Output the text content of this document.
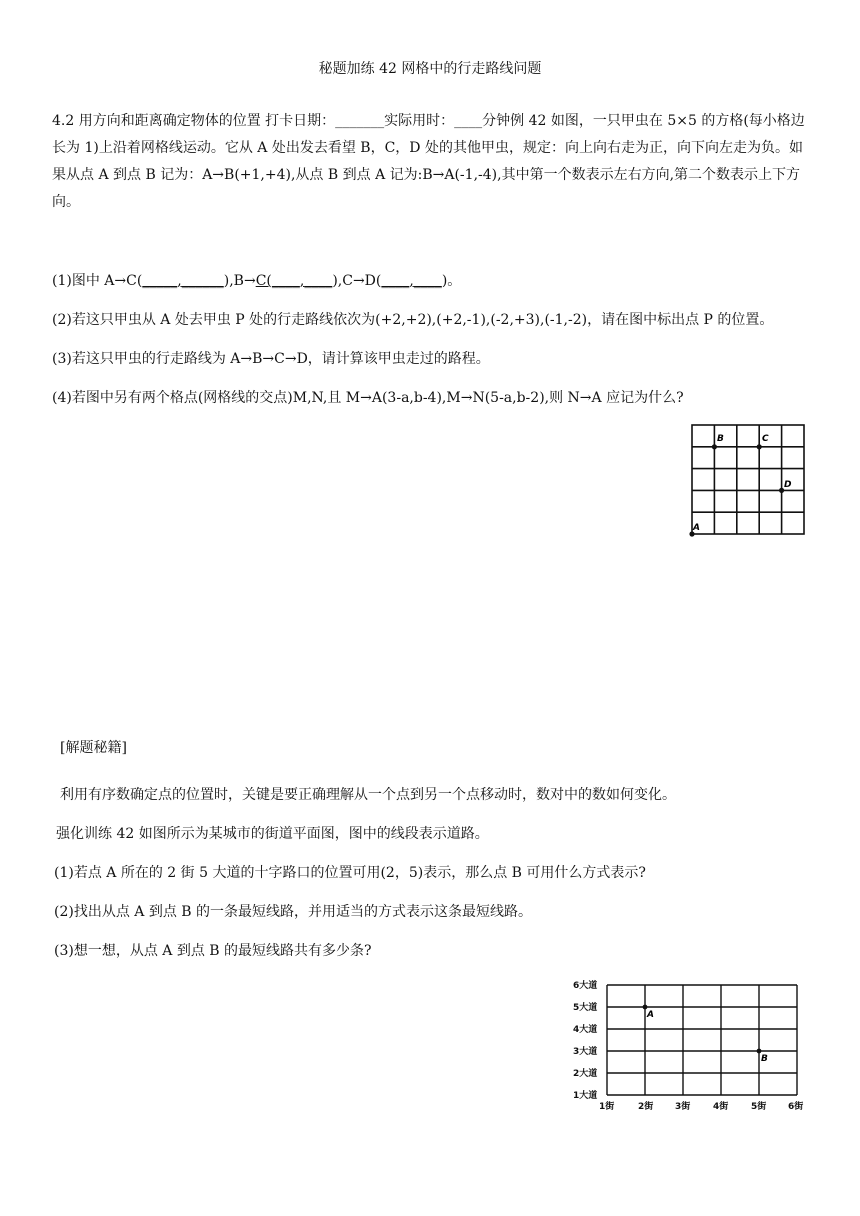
秘题加练 42 网格中的行走路线问题
4.2 用方向和距离确定物体的位置 打卡日期：_______实际用时：____分钟例 42 如图，一只甲虫在 5×5 的方格(每小格边长为 1)上沿着网格线运动。它从 A 处出发去看望 B，C，D 处的其他甲虫，规定：向上向右走为正，向下向左走为负。如果从点 A 到点 B 记为：A→B(+1,+4),从点 B 到点 A 记为:B→A(-1,-4),其中第一个数表示左右方向,第二个数表示上下方向。
(1)图中 A→C(_____,______),B→C(____,____),C→D(____,____)。
(2)若这只甲虫从 A 处去甲虫 P 处的行走路线依次为(+2,+2),(+2,-1),(-2,+3),(-1,-2)，请在图中标出点 P 的位置。
(3)若这只甲虫的行走路线为 A→B→C→D，请计算该甲虫走过的路程。
(4)若图中另有两个格点(网格线的交点)M,N,且 M→A(3-a,b-4),M→N(5-a,b-2),则 N→A 应记为什么?
A
B	C
D
[解题秘籍]
利用有序数确定点的位置时，关键是要正确理解从一个点到另一个点移动时，数对中的数如何变化。
强化训练 42 如图所示为某城市的街道平面图，图中的线段表示道路。
(1)若点 A 所在的 2 街 5 大道的十字路口的位置可用(2，5)表示，那么点 B 可用什么方式表示?
(2)找出从点 A 到点 B 的一条最短线路，并用适当的方式表示这条最短线路。
(3)想一想，从点 A 到点 B 的最短线路共有多少条?
6大道
5大道
4大道
3大道
2大道
1大道
1街	2街 3街	4街	5街 6街
A
B
